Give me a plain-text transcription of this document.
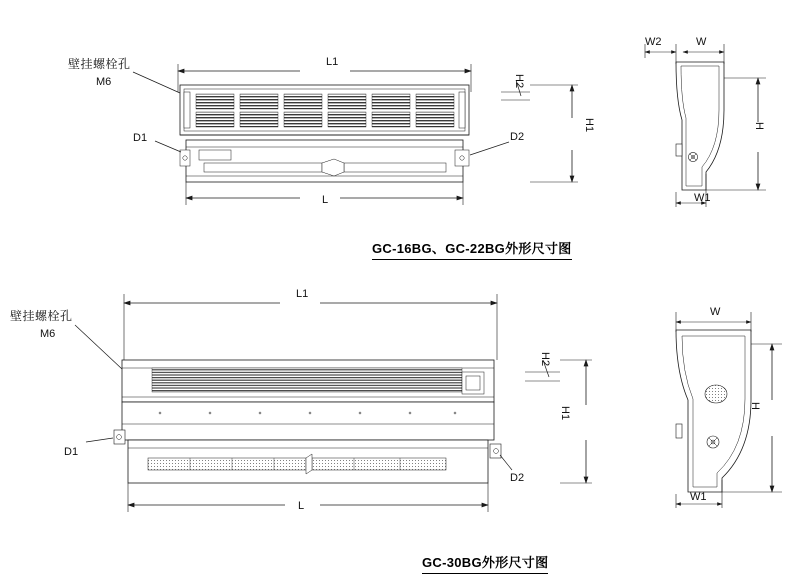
壁挂螺栓孔
M6
L1
L
D1	D2
H2
H1
W2	W
W1
H
GC-16BG、GC-22BG外形尺寸图
壁挂螺栓孔
M6
L1
L
D1
D2
H2
H1
W
W1
H
GC-30BG外形尺寸图
